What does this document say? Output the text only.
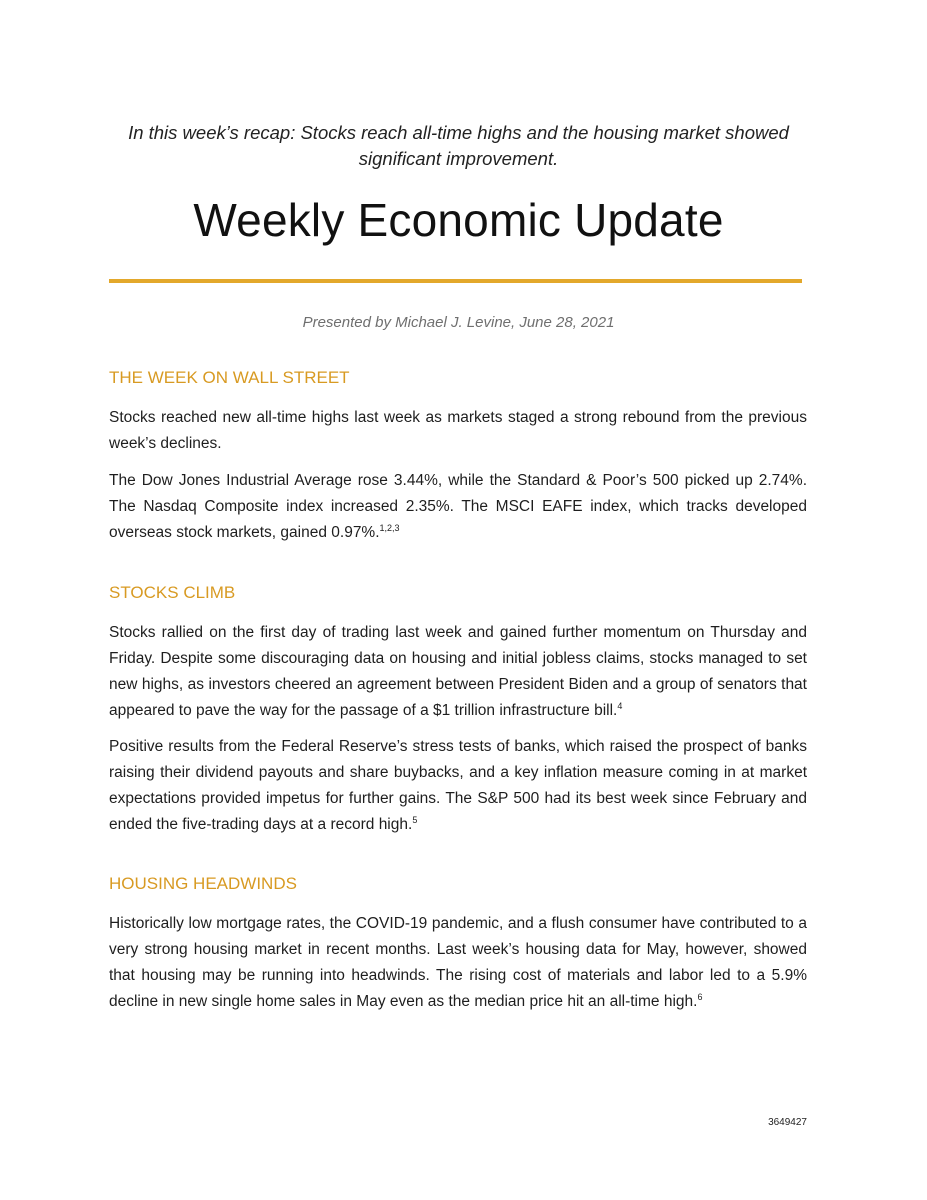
In this week’s recap: Stocks reach all-time highs and the housing market showed
significant improvement.

Weekly Economic Update

Presented by Michael J. Levine, June 28, 2021

THE WEEK ON WALL STREET

Stocks reached new all-time highs last week as markets staged a strong rebound from the previous week’s declines.

The Dow Jones Industrial Average rose 3.44%, while the Standard & Poor’s 500 picked up 2.74%. The Nasdaq Composite index increased 2.35%. The MSCI EAFE index, which tracks developed overseas stock markets, gained 0.97%.$^{1,2,3}$

STOCKS CLIMB

Stocks rallied on the first day of trading last week and gained further momentum on Thursday and Friday. Despite some discouraging data on housing and initial jobless claims, stocks managed to set new highs, as investors cheered an agreement between President Biden and a group of senators that appeared to pave the way for the passage of a $1 trillion infrastructure bill.$^4$

Positive results from the Federal Reserve’s stress tests of banks, which raised the prospect of banks raising their dividend payouts and share buybacks, and a key inflation measure coming in at market expectations provided impetus for further gains. The S&P 500 had its best week since February and ended the five-trading days at a record high.$^5$

HOUSING HEADWINDS

Historically low mortgage rates, the COVID-19 pandemic, and a flush consumer have contributed to a very strong housing market in recent months. Last week’s housing data for May, however, showed that housing may be running into headwinds. The rising cost of materials and labor led to a 5.9% decline in new single home sales in May even as the median price hit an all-time high.$^6$

3649427
